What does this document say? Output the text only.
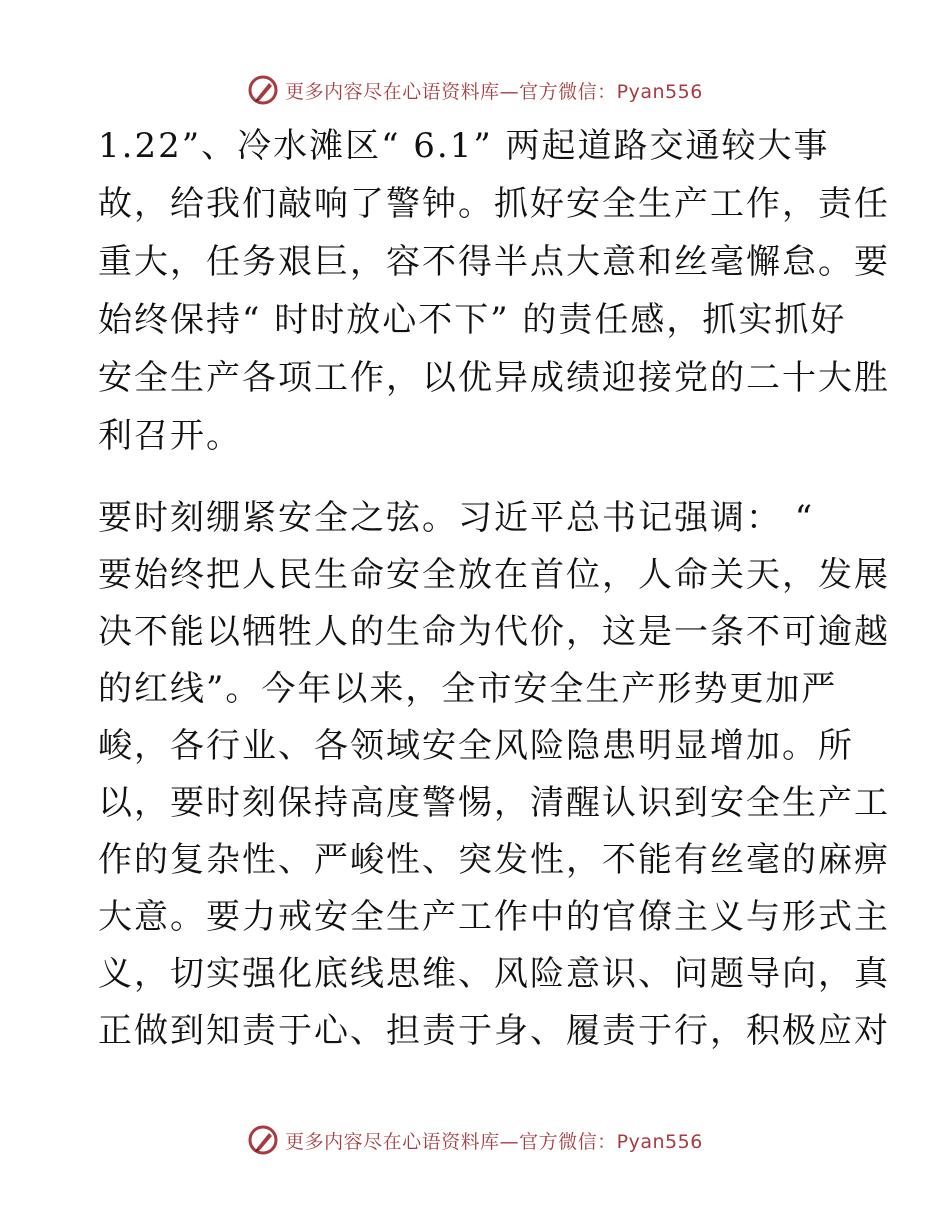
更多内容尽在心语资料库—官方微信：Pyan556
1.22”、冷水滩区“ 6.1” 两起道路交通较大事
故，给我们敲响了警钟。抓好安全生产工作，责任
重大，任务艰巨，容不得半点大意和丝毫懈怠。要
始终保持“ 时时放心不下” 的责任感，抓实抓好
安全生产各项工作，以优异成绩迎接党的二十大胜
利召开。
要时刻绷紧安全之弦。习近平总书记强调： “
要始终把人民生命安全放在首位，人命关天，发展
决不能以牺牲人的生命为代价，这是一条不可逾越
的红线”。今年以来，全市安全生产形势更加严
峻，各行业、各领域安全风险隐患明显增加。所
以，要时刻保持高度警惕，清醒认识到安全生产工
作的复杂性、严峻性、突发性，不能有丝毫的麻痹
大意。要力戒安全生产工作中的官僚主义与形式主
义，切实强化底线思维、风险意识、问题导向，真
正做到知责于心、担责于身、履责于行，积极应对
更多内容尽在心语资料库—官方微信：Pyan556
